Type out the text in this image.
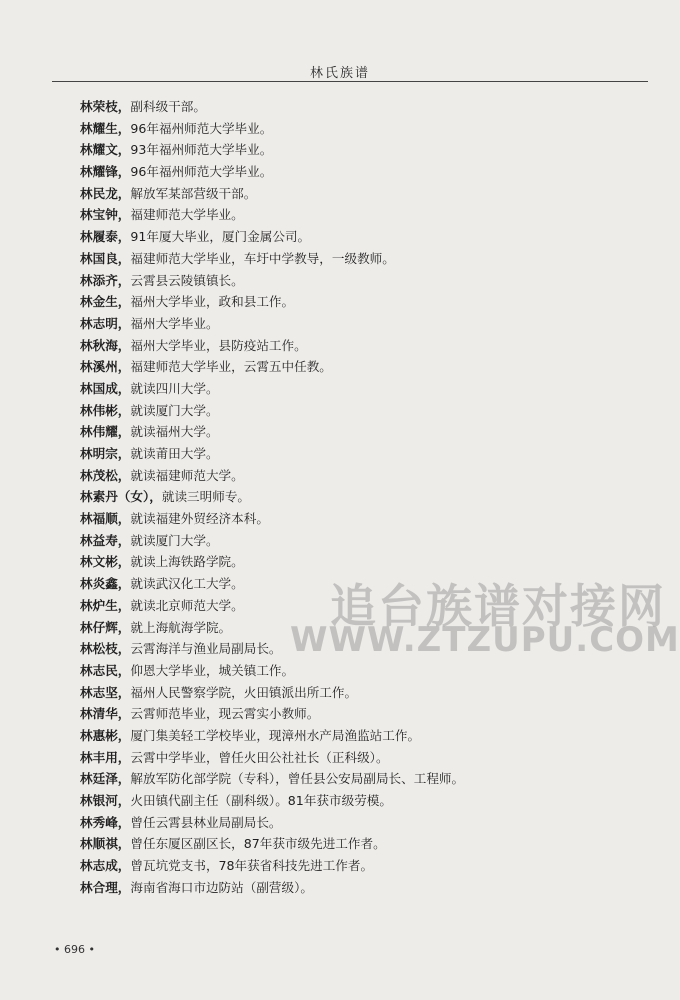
林氏族谱
林荣枝，副科级干部。
林耀生，96年福州师范大学毕业。
林耀文，93年福州师范大学毕业。
林耀锋，96年福州师范大学毕业。
林民龙，解放军某部营级干部。
林宝钟，福建师范大学毕业。
林履泰，91年厦大毕业，厦门金属公司。
林国良，福建师范大学毕业，车圩中学教导，一级教师。
林添齐，云霄县云陵镇镇长。
林金生，福州大学毕业，政和县工作。
林志明，福州大学毕业。
林秋海，福州大学毕业，县防疫站工作。
林溪州，福建师范大学毕业，云霄五中任教。
林国成，就读四川大学。
林伟彬，就读厦门大学。
林伟耀，就读福州大学。
林明宗，就读莆田大学。
林茂松，就读福建师范大学。
林素丹（女），就读三明师专。
林福顺，就读福建外贸经济本科。
林益寿，就读厦门大学。
林文彬，就读上海铁路学院。
林炎鑫，就读武汉化工大学。
林炉生，就读北京师范大学。
林仔辉，就上海航海学院。
林松枝，云霄海洋与渔业局副局长。
林志民，仰恩大学毕业，城关镇工作。
林志坚，福州人民警察学院，火田镇派出所工作。
林清华，云霄师范毕业，现云霄实小教师。
林惠彬，厦门集美轻工学校毕业，现漳州水产局渔监站工作。
林丰用，云霄中学毕业，曾任火田公社社长（正科级）。
林廷泽，解放军防化部学院（专科），曾任县公安局副局长、工程师。
林银河，火田镇代副主任（副科级）。81年获市级劳模。
林秀峰，曾任云霄县林业局副局长。
林顺祺，曾任东厦区副区长，87年获市级先进工作者。
林志成，曾瓦坑党支书，78年获省科技先进工作者。
林合理，海南省海口市边防站（副营级）。
追台族谱对接网
WWW.ZTZUPU.COM
• 696 •
